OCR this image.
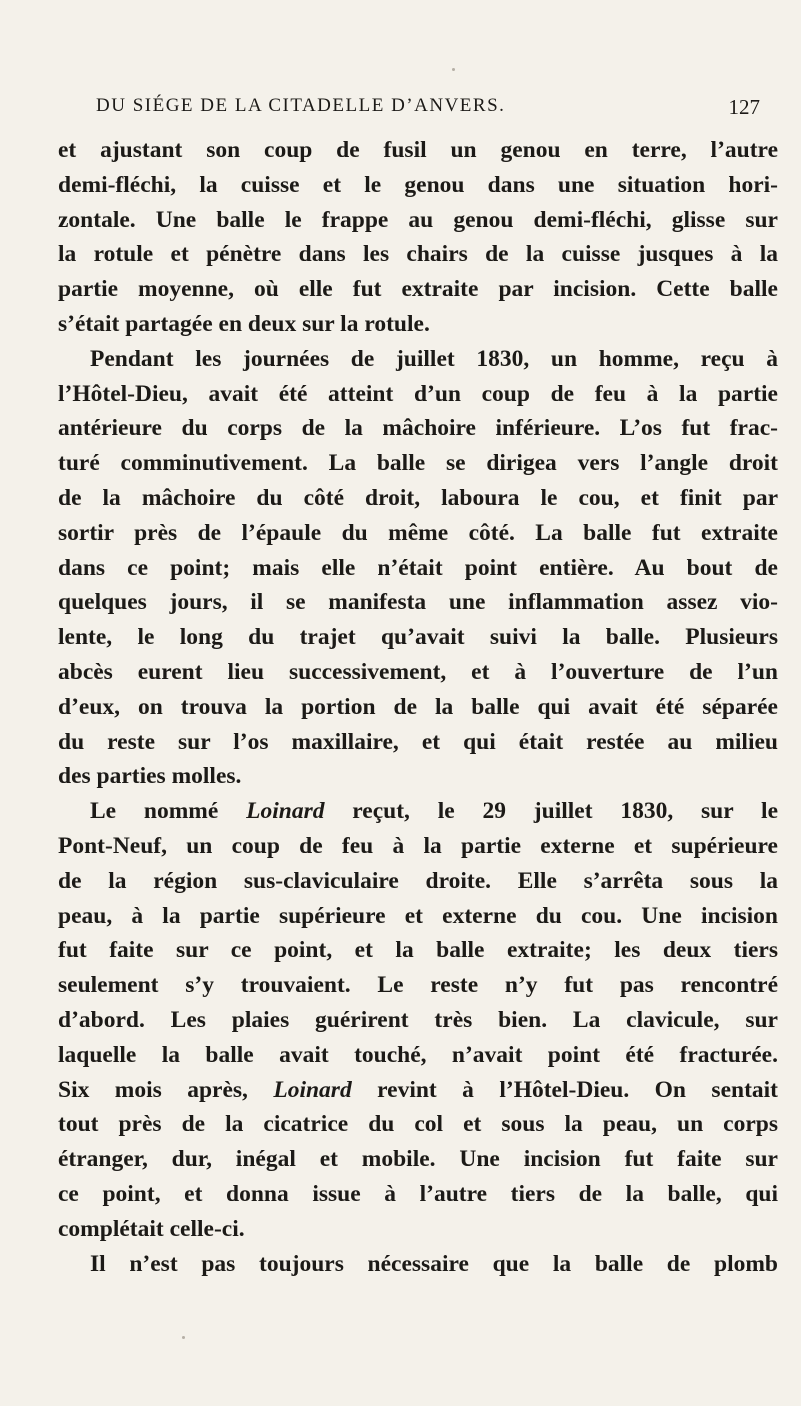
DU SIÉGE DE LA CITADELLE D’ANVERS.	127
et ajustant son coup de fusil un genou en terre, l’autre
demi-fléchi, la cuisse et le genou dans une situation hori-
zontale. Une balle le frappe au genou demi-fléchi, glisse sur
la rotule et pénètre dans les chairs de la cuisse jusques à la
partie moyenne, où elle fut extraite par incision. Cette balle
s’était partagée en deux sur la rotule.
Pendant les journées de juillet 1830, un homme, reçu à
l’Hôtel-Dieu, avait été atteint d’un coup de feu à la partie
antérieure du corps de la mâchoire inférieure. L’os fut frac-
turé comminutivement. La balle se dirigea vers l’angle droit
de la mâchoire du côté droit, laboura le cou, et finit par
sortir près de l’épaule du même côté. La balle fut extraite
dans ce point; mais elle n’était point entière. Au bout de
quelques jours, il se manifesta une inflammation assez vio-
lente, le long du trajet qu’avait suivi la balle. Plusieurs
abcès eurent lieu successivement, et à l’ouverture de l’un
d’eux, on trouva la portion de la balle qui avait été séparée
du reste sur l’os maxillaire, et qui était restée au milieu
des parties molles.
Le nommé Loinard reçut, le 29 juillet 1830, sur le
Pont-Neuf, un coup de feu à la partie externe et supérieure
de la région sus-claviculaire droite. Elle s’arrêta sous la
peau, à la partie supérieure et externe du cou. Une incision
fut faite sur ce point, et la balle extraite; les deux tiers
seulement s’y trouvaient. Le reste n’y fut pas rencontré
d’abord. Les plaies guérirent très bien. La clavicule, sur
laquelle la balle avait touché, n’avait point été fracturée.
Six mois après, Loinard revint à l’Hôtel-Dieu. On sentait
tout près de la cicatrice du col et sous la peau, un corps
étranger, dur, inégal et mobile. Une incision fut faite sur
ce point, et donna issue à l’autre tiers de la balle, qui
complétait celle-ci.
Il n’est pas toujours nécessaire que la balle de plomb
